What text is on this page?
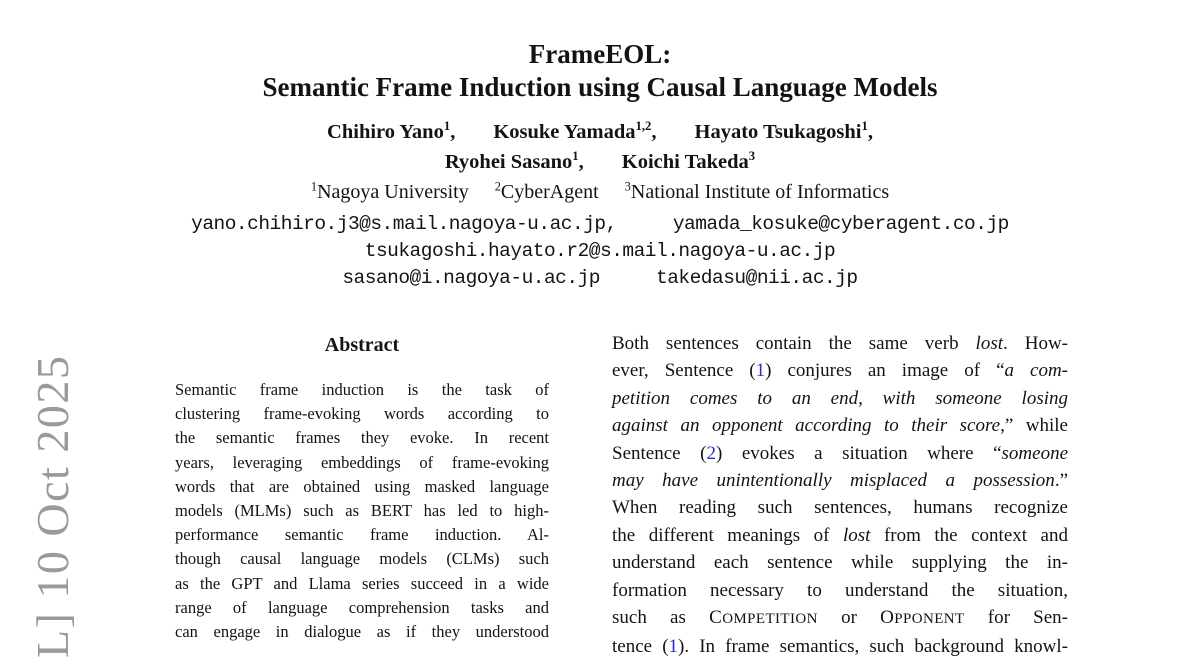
L] 10 Oct 2025
FrameEOL:
Semantic Frame Induction using Causal Language Models
Chihiro Yano$^1$, Kosuke Yamada$^{1,2}$, Hayato Tsukagoshi$^1$,
Ryohei Sasano$^1$, Koichi Takeda$^3$
$^1$Nagoya University $^2$CyberAgent $^3$National Institute of Informatics
yano.chihiro.j3@s.mail.nagoya-u.ac.jp,	yamada_kosuke@cyberagent.co.jp
tsukagoshi.hayato.r2@s.mail.nagoya-u.ac.jp
sasano@i.nagoya-u.ac.jp	takedasu@nii.ac.jp
Abstract
Semantic frame induction is the task of
clustering frame-evoking words according to
the semantic frames they evoke. In recent
years, leveraging embeddings of frame-evoking
words that are obtained using masked language
models (MLMs) such as BERT has led to high-
performance semantic frame induction. Al-
though causal language models (CLMs) such
as the GPT and Llama series succeed in a wide
range of language comprehension tasks and
can engage in dialogue as if they understood
Both sentences contain the same verb lost. How-
ever, Sentence (1) conjures an image of “a com-
petition comes to an end, with someone losing
against an opponent according to their score,” while
Sentence (2) evokes a situation where “someone
may have unintentionally misplaced a possession.”
When reading such sentences, humans recognize
the different meanings of lost from the context and
understand each sentence while supplying the in-
formation necessary to understand the situation,
such as COMPETITION or OPPONENT for Sen-
tence (1). In frame semantics, such background knowl-
